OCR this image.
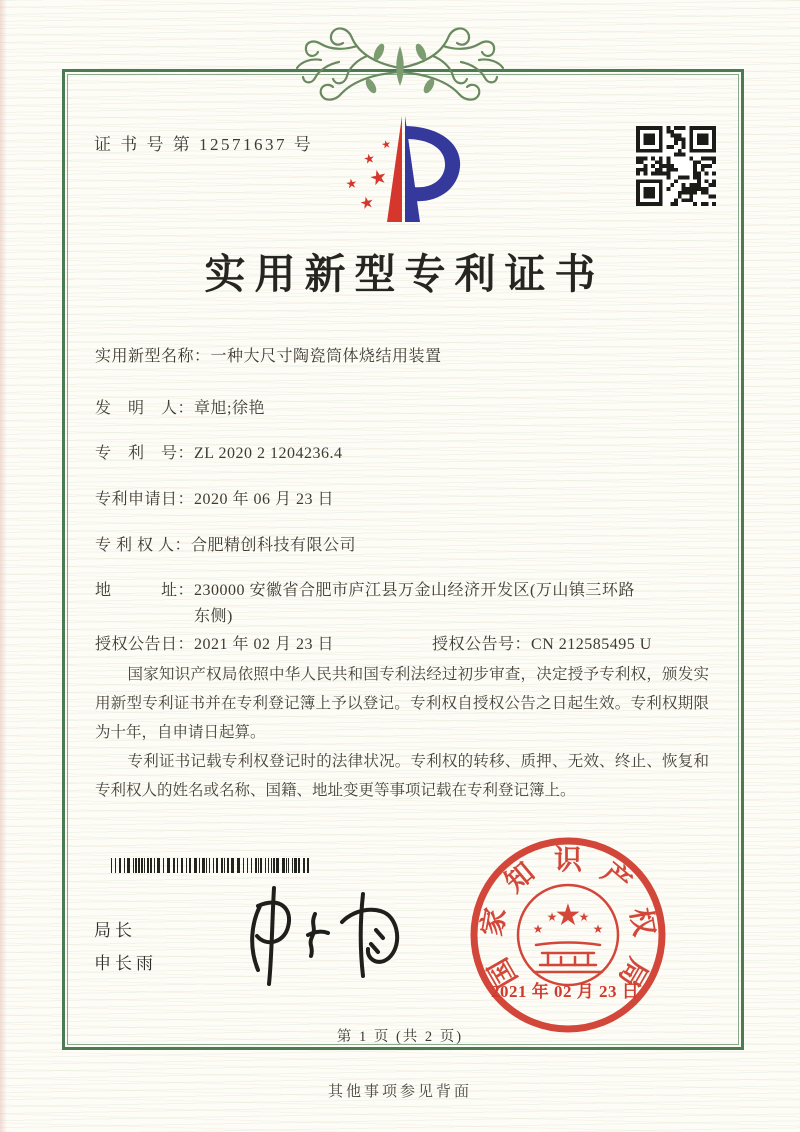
证 书 号 第 12571637 号	★
★
★
★
★
实用新型专利证书
实用新型名称： 一种大尺寸陶瓷筒体烧结用装置
发　明　人： 章旭;徐艳
专　利　号： ZL 2020 2 1204236.4
专利申请日： 2020 年 06 月 23 日
专 利 权 人： 合肥精创科技有限公司
地　　　址： 230000 安徽省合肥市庐江县万金山经济开发区(万山镇三环路东侧)
授权公告日：2021 年 02 月 23 日	授权公告号：CN 212585495 U

国家知识产权局依照中华人民共和国专利法经过初步审查，决定授予专利权，颁发实用新型专利证书并在专利登记簿上予以登记。专利权自授权公告之日起生效。专利权期限为十年，自申请日起算。

专利证书记载专利权登记时的法律状况。专利权的转移、质押、无效、终止、恢复和专利权人的姓名或名称、国籍、地址变更等事项记载在专利登记簿上。

局长
申长雨	国
家
知 识 产
权
局
★
★
★ ★
★
2021 年 02 月 23 日
第 1 页 (共 2 页)
其他事项参见背面
